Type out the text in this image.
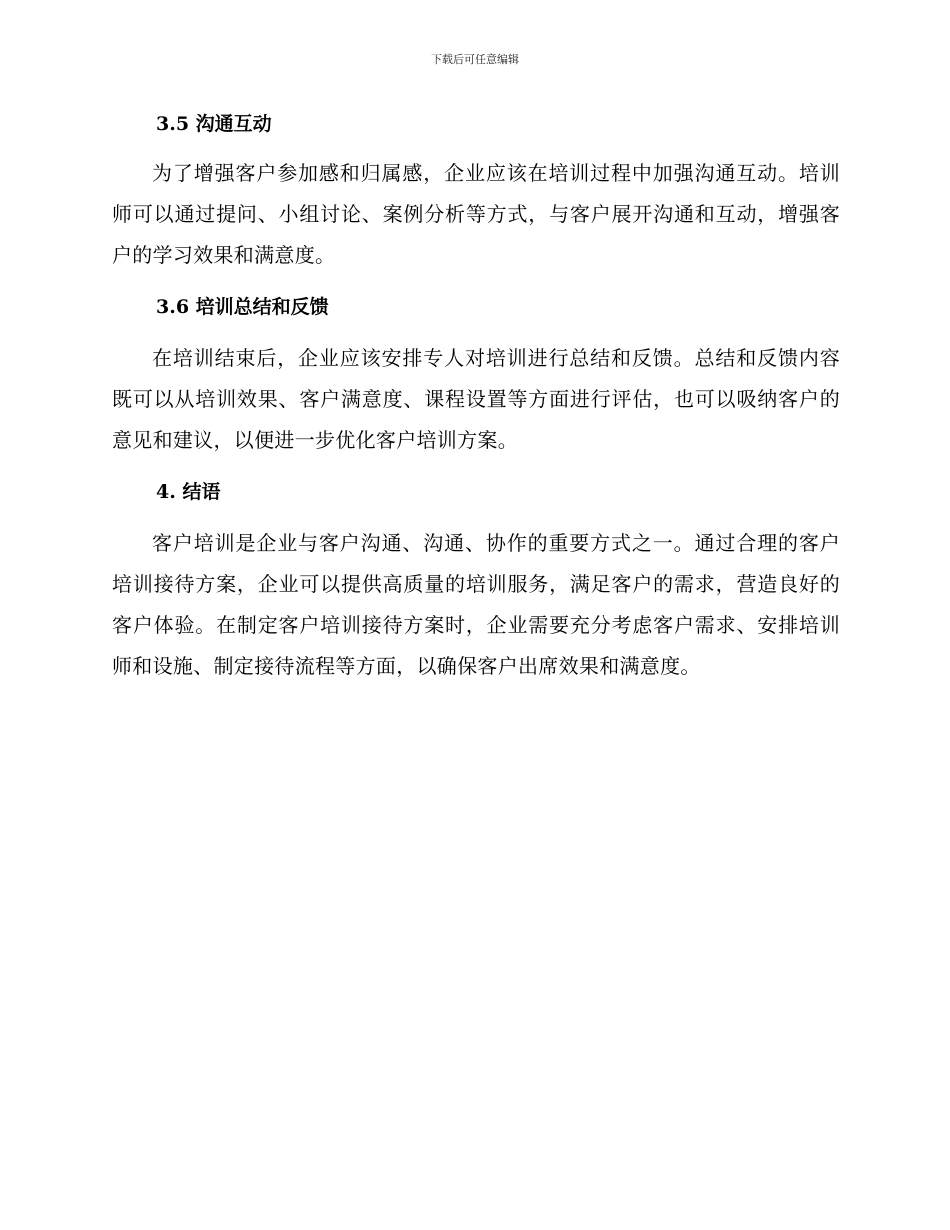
下载后可任意编辑
3.5 沟通互动

为了增强客户参加感和归属感，企业应该在培训过程中加强沟通互动。培训师可以通过提问、小组讨论、案例分析等方式，与客户展开沟通和互动，增强客户的学习效果和满意度。

3.6 培训总结和反馈

在培训结束后，企业应该安排专人对培训进行总结和反馈。总结和反馈内容既可以从培训效果、客户满意度、课程设置等方面进行评估，也可以吸纳客户的意见和建议，以便进一步优化客户培训方案。

4. 结语

客户培训是企业与客户沟通、沟通、协作的重要方式之一。通过合理的客户培训接待方案，企业可以提供高质量的培训服务，满足客户的需求，营造良好的客户体验。在制定客户培训接待方案时，企业需要充分考虑客户需求、安排培训师和设施、制定接待流程等方面，以确保客户出席效果和满意度。
